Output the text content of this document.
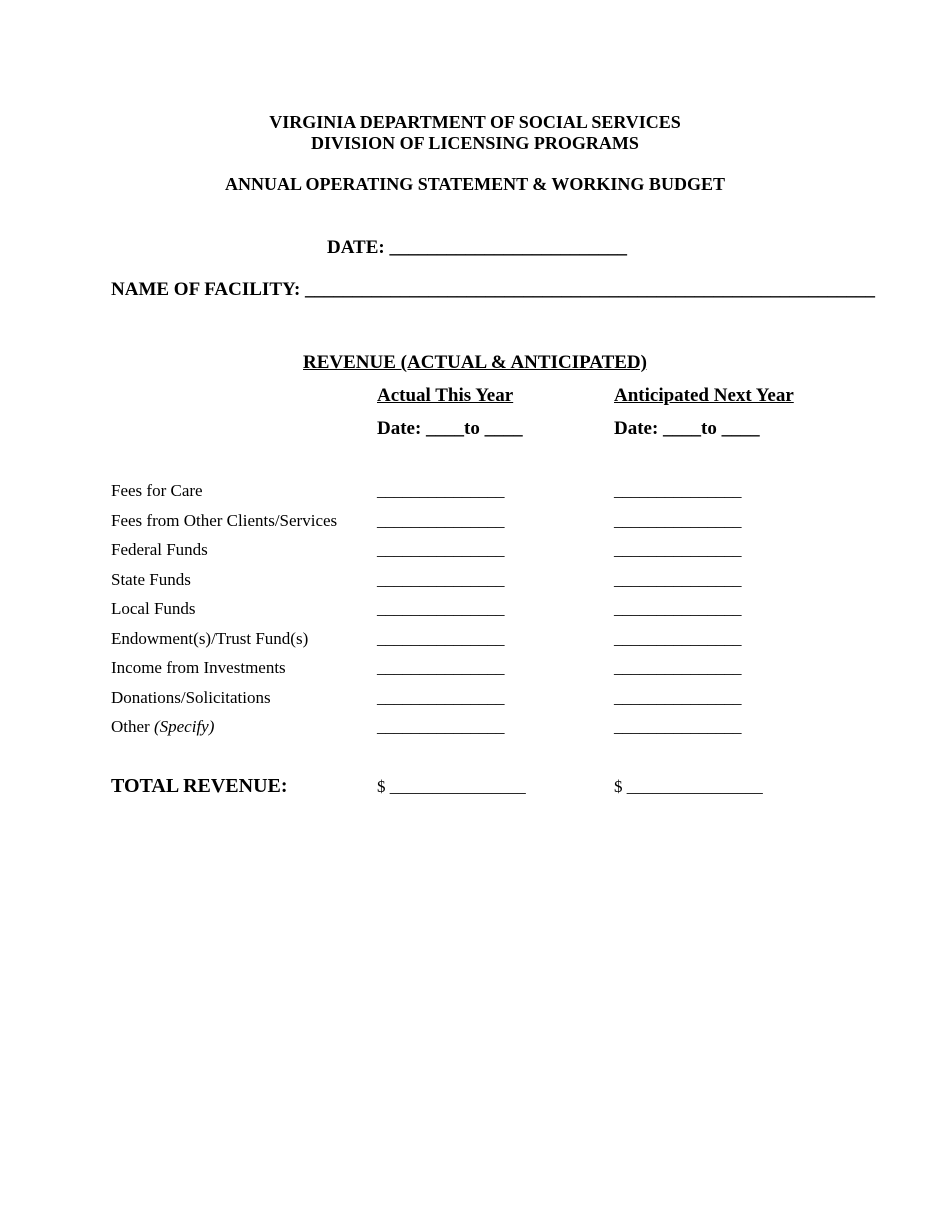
VIRGINIA DEPARTMENT OF SOCIAL SERVICES
DIVISION OF LICENSING PROGRAMS
ANNUAL OPERATING STATEMENT & WORKING BUDGET
DATE: _________________________
NAME OF FACILITY: ____________________________________________________________
REVENUE (ACTUAL & ANTICIPATED)
Actual This Year	Anticipated Next Year
Date: ____to ____	Date: ____to ____
Fees for Care	_______________	_______________
Fees from Other Clients/Services _______________	_______________
Federal Funds	_______________	_______________
State Funds	_______________	_______________
Local Funds	_______________	_______________
Endowment(s)/Trust Fund(s)	_______________	_______________
Income from Investments	_______________	_______________
Donations/Solicitations	_______________	_______________
Other (Specify)	_______________	_______________
TOTAL REVENUE:	$ ________________	$ ________________
